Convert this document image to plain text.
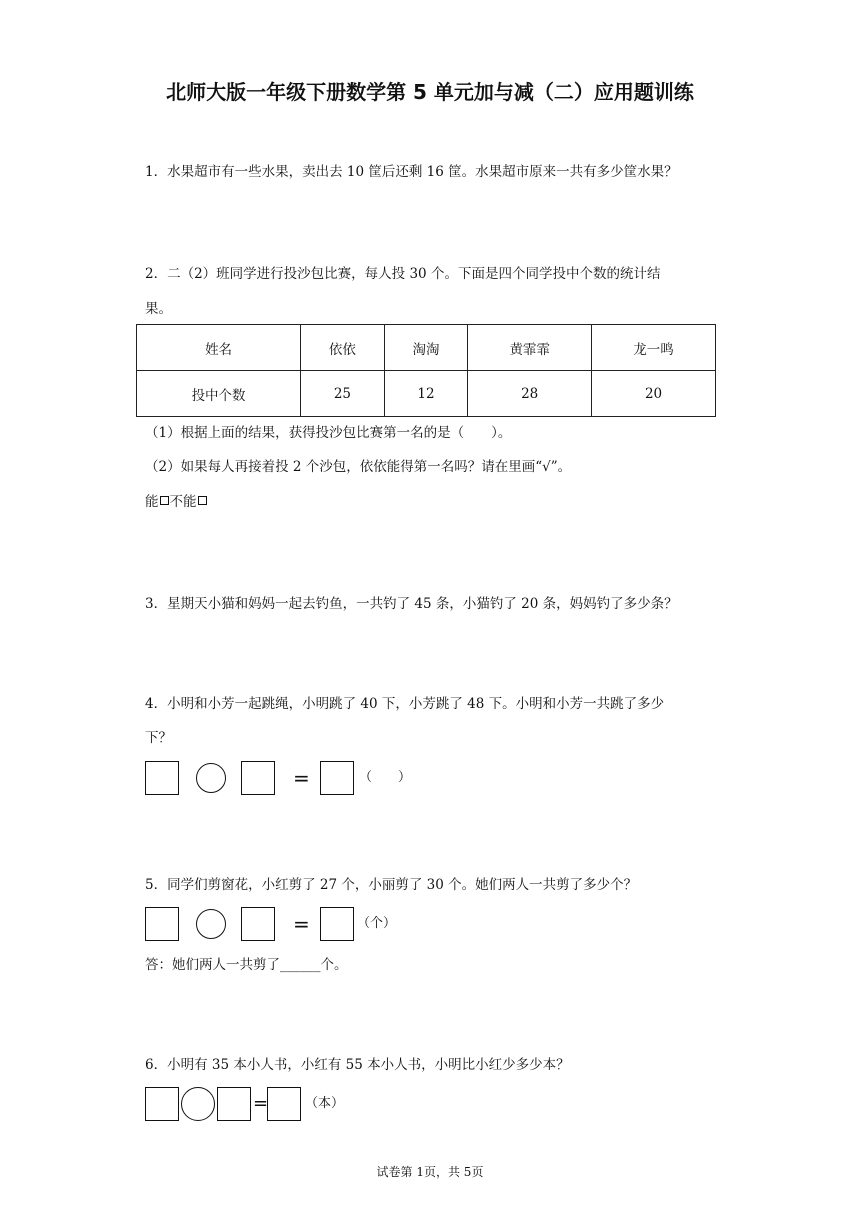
北师大版一年级下册数学第 5 单元加与减（二）应用题训练
1．水果超市有一些水果，卖出去 10 筐后还剩 16 筐。水果超市原来一共有多少筐水果？
2．二（2）班同学进行投沙包比赛，每人投 30 个。下面是四个同学投中个数的统计结
果。
姓名	依依	淘淘	黄霏霏	龙一鸣
投中个数	25	12	28	20
（1）根据上面的结果，获得投沙包比赛第一名的是（　　）。
（2）如果每人再接着投 2 个沙包，依依能得第一名吗？请在里画“√”。
能 不能
3．星期天小猫和妈妈一起去钓鱼，一共钓了 45 条，小猫钓了 20 条，妈妈钓了多少条？
4．小明和小芳一起跳绳，小明跳了 40 下，小芳跳了 48 下。小明和小芳一共跳了多少
下？
=	（　　）
5．同学们剪窗花，小红剪了 27 个，小丽剪了 30 个。她们两人一共剪了多少个？
=	（个）
答：她们两人一共剪了______个。
6．小明有 35 本小人书，小红有 55 本小人书，小明比小红少多少本？
=	（本）
试卷第 1页，共 5页
